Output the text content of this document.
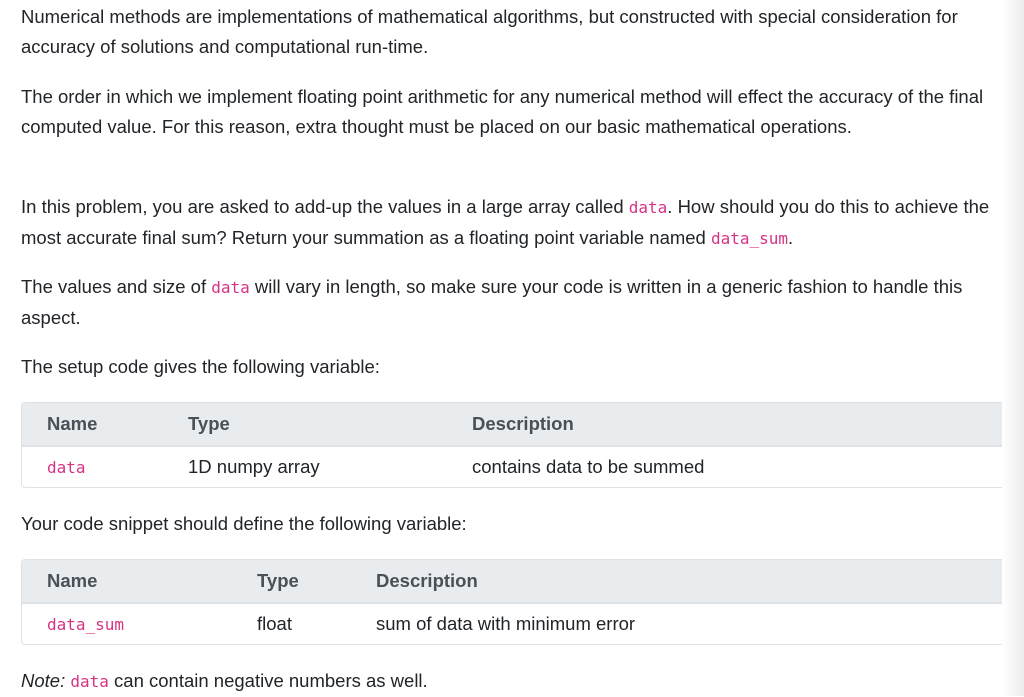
Numerical methods are implementations of mathematical algorithms, but constructed with special consideration for accuracy of solutions and computational run-time.

The order in which we implement floating point arithmetic for any numerical method will effect the accuracy of the final computed value. For this reason, extra thought must be placed on our basic mathematical operations.

In this problem, you are asked to add-up the values in a large array called data. How should you do this to achieve the most accurate final sum? Return your summation as a floating point variable named data_sum.

The values and size of data will vary in length, so make sure your code is written in a generic fashion to handle this aspect.

The setup code gives the following variable:

Name	Type	Description
data	1D numpy array	contains data to be summed

Your code snippet should define the following variable:

Name	Type	Description
data_sum	float	sum of data with minimum error

Note: data can contain negative numbers as well.
